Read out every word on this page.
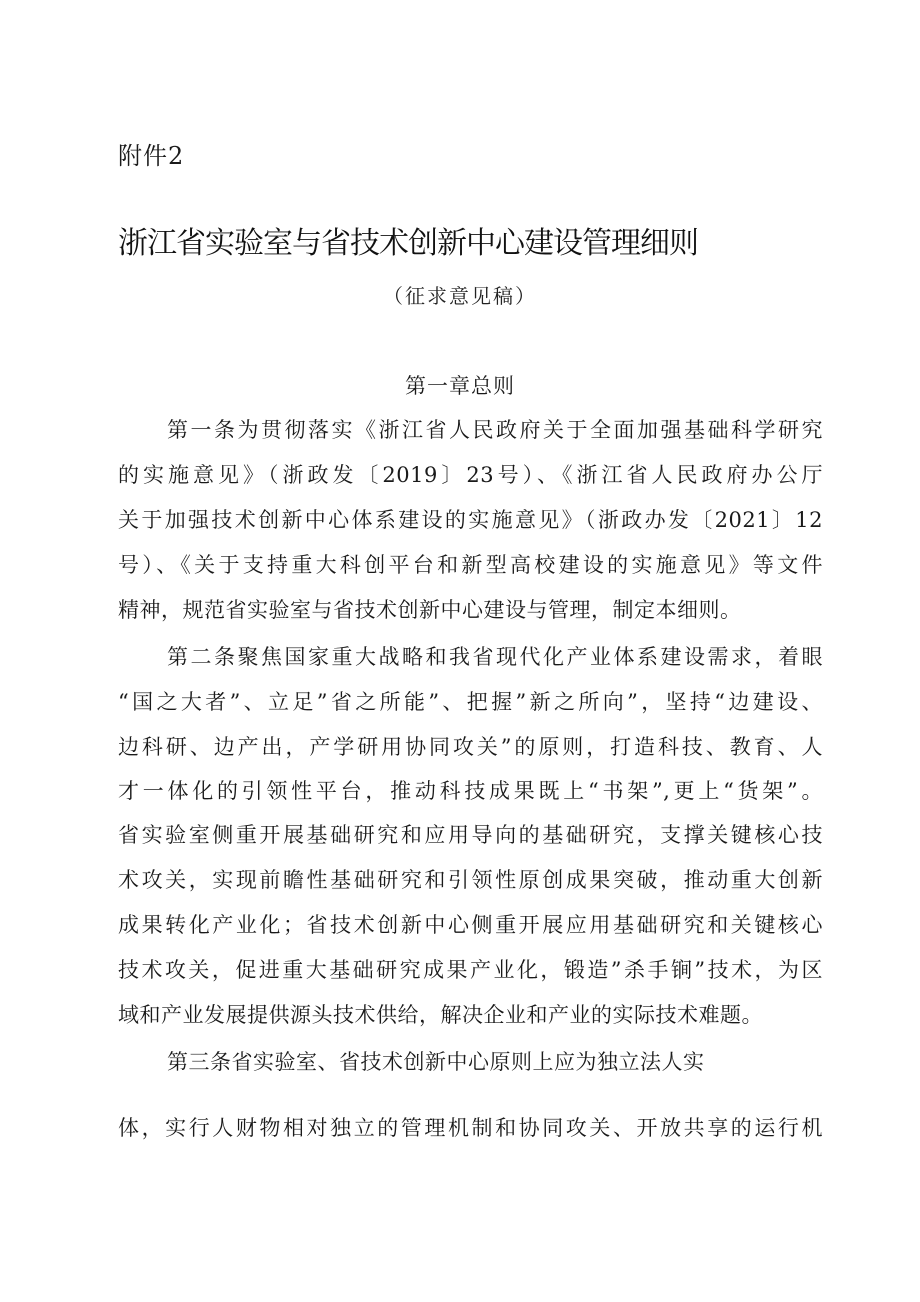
附件2
浙江省实验室与省技术创新中心建设管理细则
（征求意见稿）
第一章总则
第一条为贯彻落实《浙江省人民政府关于全面加强基础科学研究
的实施意见》（浙政发〔2019〕23号）、《浙江省人民政府办公厅
关于加强技术创新中心体系建设的实施意见》（浙政办发〔2021〕12
号）、《关于支持重大科创平台和新型高校建设的实施意见》等文件
精神，规范省实验室与省技术创新中心建设与管理，制定本细则。
第二条聚焦国家重大战略和我省现代化产业体系建设需求，着眼
“国之大者”、立足”省之所能”、把握”新之所向”，坚持“边建设、
边科研、边产出，产学研用协同攻关”的原则，打造科技、教育、人
才一体化的引领性平台，推动科技成果既上“书架”,更上“货架”。
省实验室侧重开展基础研究和应用导向的基础研究，支撑关键核心技
术攻关，实现前瞻性基础研究和引领性原创成果突破，推动重大创新
成果转化产业化；省技术创新中心侧重开展应用基础研究和关键核心
技术攻关，促进重大基础研究成果产业化，锻造”杀手锏”技术，为区
域和产业发展提供源头技术供给，解决企业和产业的实际技术难题。
第三条省实验室、省技术创新中心原则上应为独立法人实
体，实行人财物相对独立的管理机制和协同攻关、开放共享的运行机
